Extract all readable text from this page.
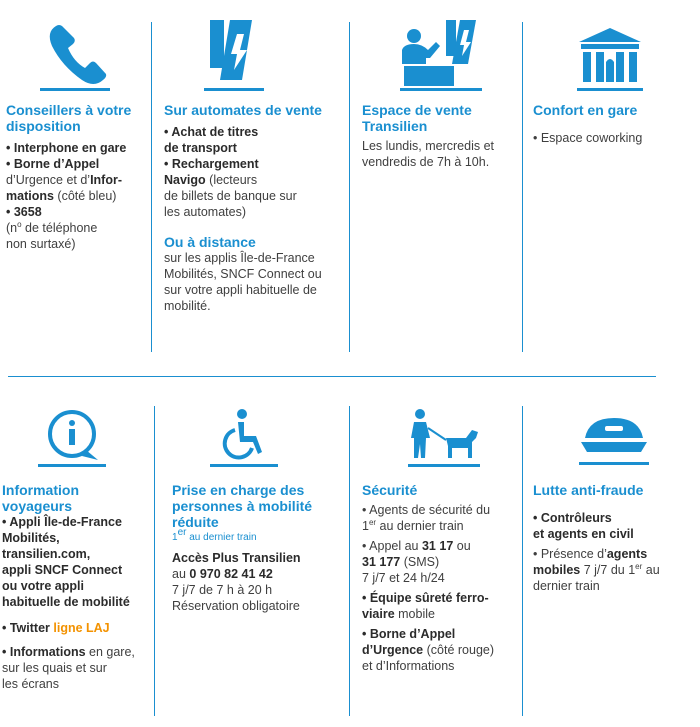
Conseillers à votre disposition

• Interphone en gare

• Borne d’Appel

d’Urgence et d’Infor-

mations (côté bleu)

• 3658

($n^o$ de téléphone

non surtaxé)

Sur automates de vente

• Achat de titres

de transport

• Rechargement

Navigo (lecteurs

de billets de banque sur

les automates)

Ou à distance

sur les applis Île-de-France

Mobilités, SNCF Connect ou

sur votre appli habituelle de

mobilité.

Espace de vente Transilien

Les lundis, mercredis et

vendredis de 7h à 10h.

Confort en gare

• Espace coworking

Information voyageurs

• Appli Île-de-France

Mobilités,

transilien.com,

appli SNCF Connect

ou votre appli

habituelle de mobilité

• Twitter ligne LAJ

• Informations en gare,

sur les quais et sur

les écrans

Prise en charge des personnes à mobilité réduite

1er au dernier train

Accès Plus Transilien

au 0 970 82 41 42

7 j/7 de 7 h à 20 h

Réservation obligatoire

Sécurité

• Agents de sécurité du

1er au dernier train

• Appel au 31 17 ou

31 177 (SMS)

7 j/7 et 24 h/24

• Équipe sûreté ferro-

viaire mobile

• Borne d’Appel

d’Urgence (côté rouge)

et d’Informations

Lutte anti-fraude

• Contrôleurs

et agents en civil

• Présence d’agents

mobiles 7 j/7 du 1er au

dernier train
